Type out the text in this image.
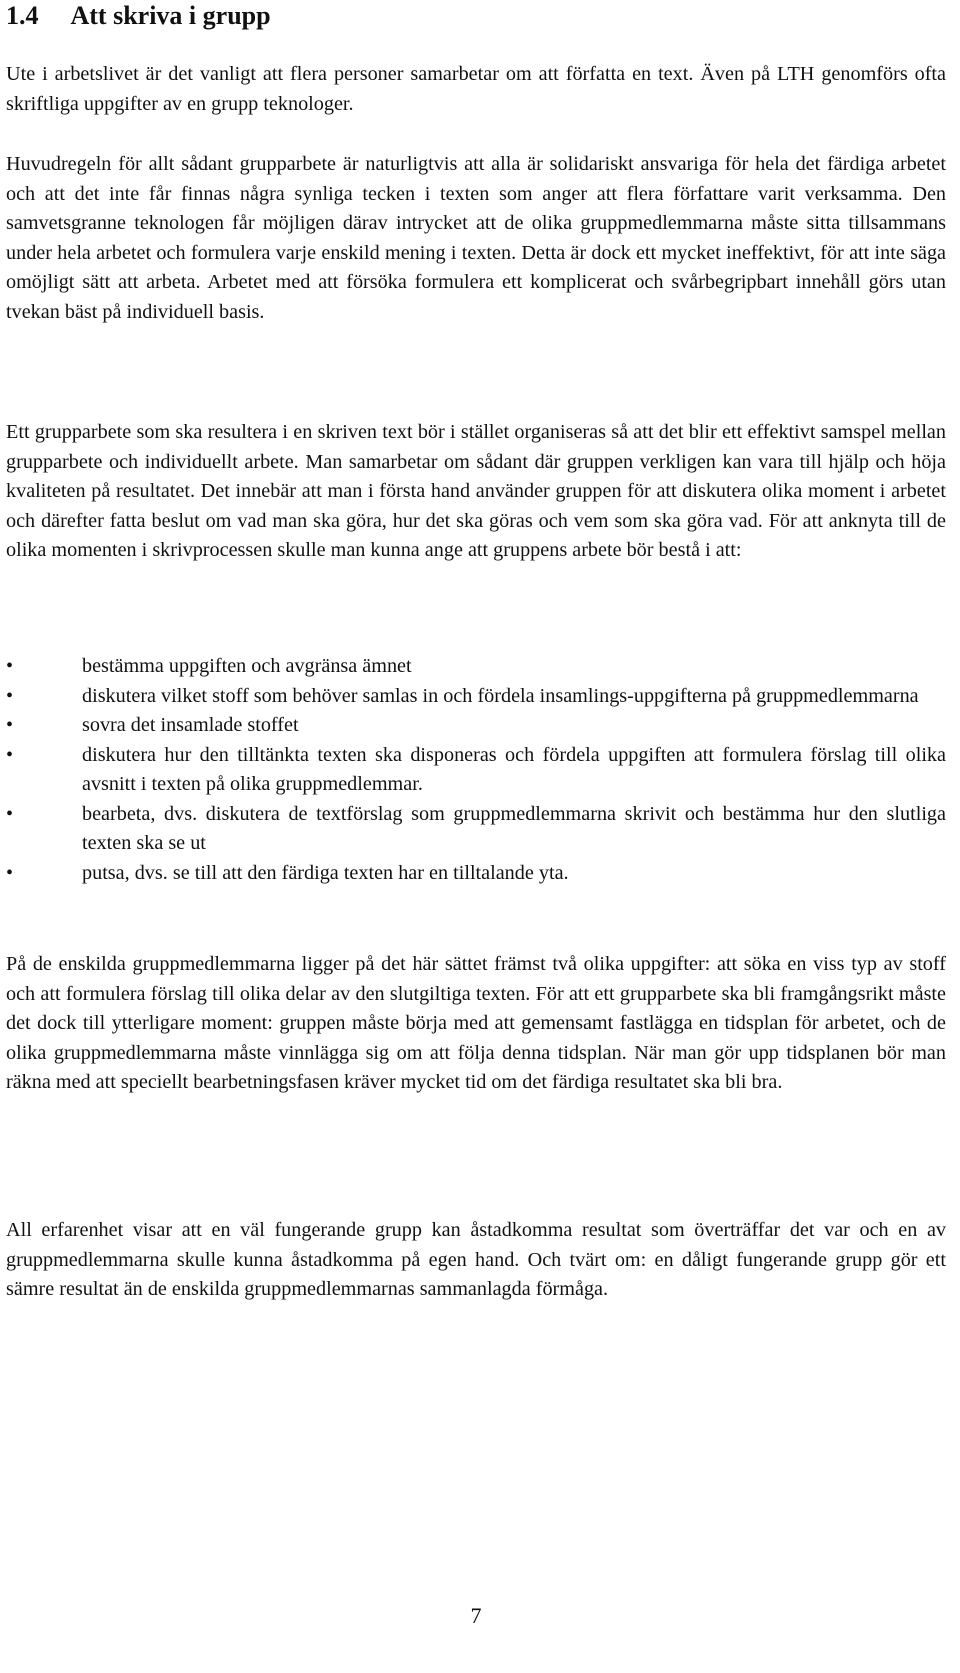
1.4 Att skriva i grupp

Ute i arbetslivet är det vanligt att flera personer samarbetar om att författa en text. Även på LTH genomförs ofta skriftliga uppgifter av en grupp teknologer.

Huvudregeln för allt sådant grupparbete är naturligtvis att alla är solidariskt ansvariga för hela det färdiga arbetet och att det inte får finnas några synliga tecken i texten som anger att flera författare varit verksamma. Den samvetsgranne teknologen får möjligen därav intrycket att de olika gruppmedlemmarna måste sitta tillsammans under hela arbetet och formulera varje enskild mening i texten. Detta är dock ett mycket ineffektivt, för att inte säga omöjligt sätt att arbeta. Arbetet med att försöka formulera ett komplicerat och svårbegripbart innehåll görs utan tvekan bäst på individuell basis.

Ett grupparbete som ska resultera i en skriven text bör i stället organiseras så att det blir ett effektivt samspel mellan grupparbete och individuellt arbete. Man samarbetar om sådant där gruppen verkligen kan vara till hjälp och höja kvaliteten på resultatet. Det innebär att man i första hand använder gruppen för att diskutera olika moment i arbetet och därefter fatta beslut om vad man ska göra, hur det ska göras och vem som ska göra vad. För att anknyta till de olika momenten i skrivprocessen skulle man kunna ange att gruppens arbete bör bestå i att:

•	bestämma uppgiften och avgränsa ämnet
•	diskutera vilket stoff som behöver samlas in och fördela insamlings-uppgifterna på gruppmedlemmarna
•	sovra det insamlade stoffet
•	diskutera hur den tilltänkta texten ska disponeras och fördela uppgiften att formulera förslag till olika avsnitt i texten på olika gruppmedlemmar.
•	bearbeta, dvs. diskutera de textförslag som gruppmedlemmarna skrivit och bestämma hur den slutliga texten ska se ut
•	putsa, dvs. se till att den färdiga texten har en tilltalande yta.

På de enskilda gruppmedlemmarna ligger på det här sättet främst två olika uppgifter: att söka en viss typ av stoff och att formulera förslag till olika delar av den slutgiltiga texten. För att ett grupparbete ska bli framgångsrikt måste det dock till ytterligare moment: gruppen måste börja med att gemensamt fastlägga en tidsplan för arbetet, och de olika gruppmedlemmarna måste vinnlägga sig om att följa denna tidsplan. När man gör upp tidsplanen bör man räkna med att speciellt bearbetningsfasen kräver mycket tid om det färdiga resultatet ska bli bra.

All erfarenhet visar att en väl fungerande grupp kan åstadkomma resultat som överträffar det var och en av gruppmedlemmarna skulle kunna åstadkomma på egen hand. Och tvärt om: en dåligt fungerande grupp gör ett sämre resultat än de enskilda gruppmedlemmarnas sammanlagda förmåga.

7
